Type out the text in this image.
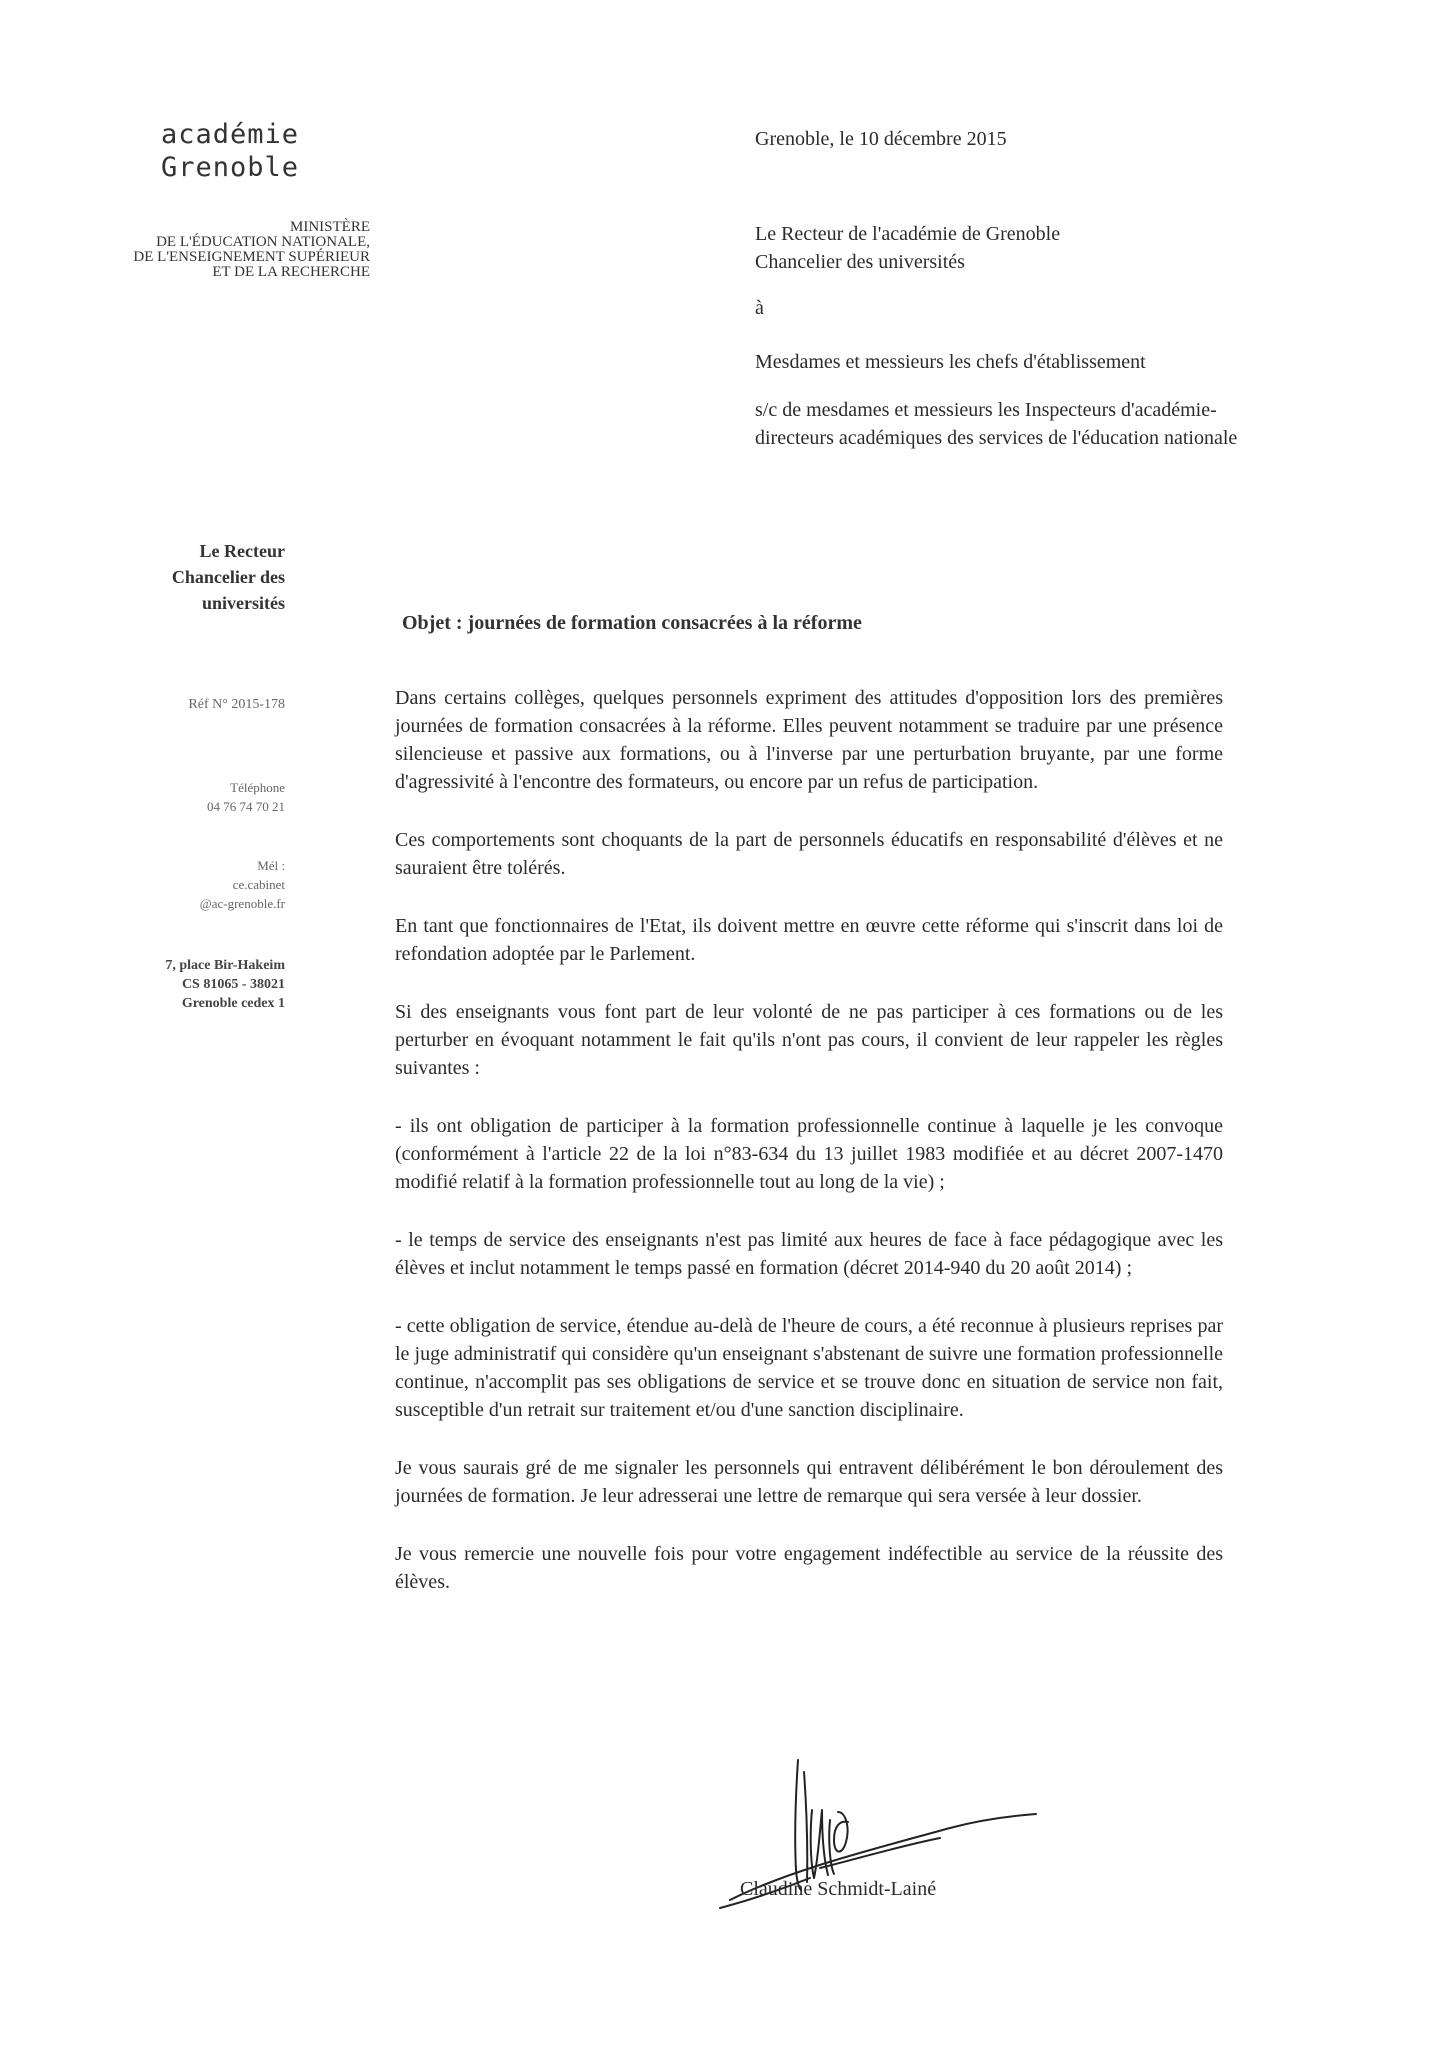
académie
Grenoble
MINISTÈRE
DE L'ÉDUCATION NATIONALE,
DE L'ENSEIGNEMENT SUPÉRIEUR
ET DE LA RECHERCHE
Le Recteur
Chancelier des
universités
Réf N° 2015-178
Téléphone
04 76 74 70 21
Mél :
ce.cabinet
@ac-grenoble.fr
7, place Bir-Hakeim
CS 81065 - 38021
Grenoble cedex 1
Grenoble, le 10 décembre 2015
Le Recteur de l'académie de Grenoble
Chancelier des universités
à
Mesdames et messieurs les chefs d'établissement
s/c de mesdames et messieurs les Inspecteurs d'académie-directeurs académiques des services de l'éducation nationale
Objet : journées de formation consacrées à la réforme

Dans certains collèges, quelques personnels expriment des attitudes d'opposition lors des premières journées de formation consacrées à la réforme. Elles peuvent notamment se traduire par une présence silencieuse et passive aux formations, ou à l'inverse par une perturbation bruyante, par une forme d'agressivité à l'encontre des formateurs, ou encore par un refus de participation.

Ces comportements sont choquants de la part de personnels éducatifs en responsabilité d'élèves et ne sauraient être tolérés.

En tant que fonctionnaires de l'Etat, ils doivent mettre en œuvre cette réforme qui s'inscrit dans loi de refondation adoptée par le Parlement.

Si des enseignants vous font part de leur volonté de ne pas participer à ces formations ou de les perturber en évoquant notamment le fait qu'ils n'ont pas cours, il convient de leur rappeler les règles suivantes :

- ils ont obligation de participer à la formation professionnelle continue à laquelle je les convoque (conformément à l'article 22 de la loi n°83-634 du 13 juillet 1983 modifiée et au décret 2007-1470 modifié relatif à la formation professionnelle tout au long de la vie) ;

- le temps de service des enseignants n'est pas limité aux heures de face à face pédagogique avec les élèves et inclut notamment le temps passé en formation (décret 2014-940 du 20 août 2014) ;

- cette obligation de service, étendue au-delà de l'heure de cours, a été reconnue à plusieurs reprises par le juge administratif qui considère qu'un enseignant s'abstenant de suivre une formation professionnelle continue, n'accomplit pas ses obligations de service et se trouve donc en situation de service non fait, susceptible d'un retrait sur traitement et/ou d'une sanction disciplinaire.

Je vous saurais gré de me signaler les personnels qui entravent délibérément le bon déroulement des journées de formation. Je leur adresserai une lettre de remarque qui sera versée à leur dossier.

Je vous remercie une nouvelle fois pour votre engagement indéfectible au service de la réussite des élèves.

Claudine Schmidt-Lainé
